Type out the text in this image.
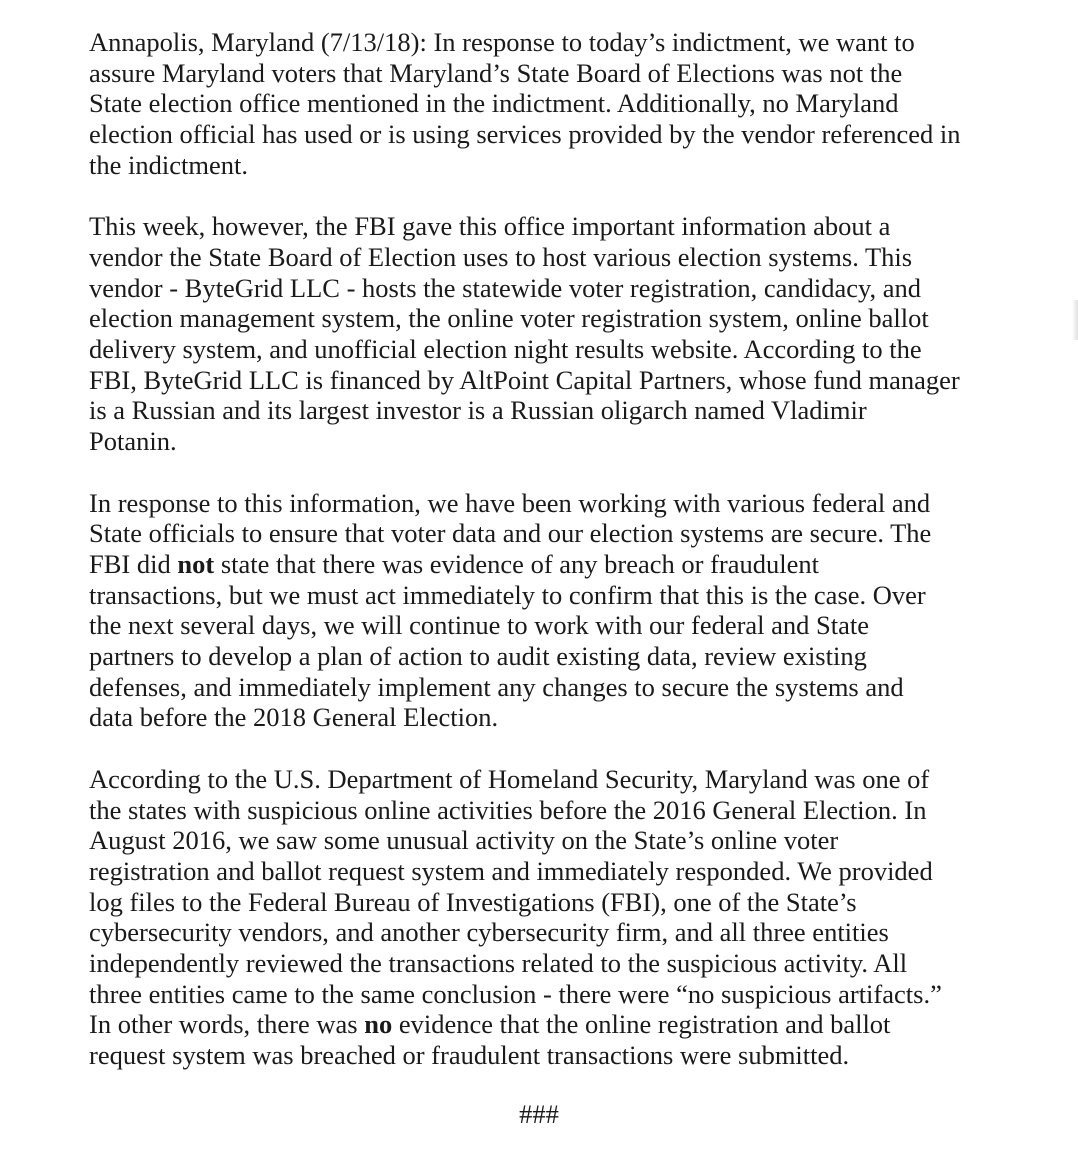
Annapolis, Maryland (7/13/18): In response to today’s indictment, we want to
assure Maryland voters that Maryland’s State Board of Elections was not the
State election office mentioned in the indictment. Additionally, no Maryland
election official has used or is using services provided by the vendor referenced in
the indictment.

This week, however, the FBI gave this office important information about a
vendor the State Board of Election uses to host various election systems. This
vendor - ByteGrid LLC - hosts the statewide voter registration, candidacy, and
election management system, the online voter registration system, online ballot
delivery system, and unofficial election night results website. According to the
FBI, ByteGrid LLC is financed by AltPoint Capital Partners, whose fund manager
is a Russian and its largest investor is a Russian oligarch named Vladimir
Potanin.

In response to this information, we have been working with various federal and
State officials to ensure that voter data and our election systems are secure. The
FBI did not state that there was evidence of any breach or fraudulent
transactions, but we must act immediately to confirm that this is the case. Over
the next several days, we will continue to work with our federal and State
partners to develop a plan of action to audit existing data, review existing
defenses, and immediately implement any changes to secure the systems and
data before the 2018 General Election.

According to the U.S. Department of Homeland Security, Maryland was one of
the states with suspicious online activities before the 2016 General Election. In
August 2016, we saw some unusual activity on the State’s online voter
registration and ballot request system and immediately responded. We provided
log files to the Federal Bureau of Investigations (FBI), one of the State’s
cybersecurity vendors, and another cybersecurity firm, and all three entities
independently reviewed the transactions related to the suspicious activity. All
three entities came to the same conclusion - there were “no suspicious artifacts.”
In other words, there was no evidence that the online registration and ballot
request system was breached or fraudulent transactions were submitted.

###
